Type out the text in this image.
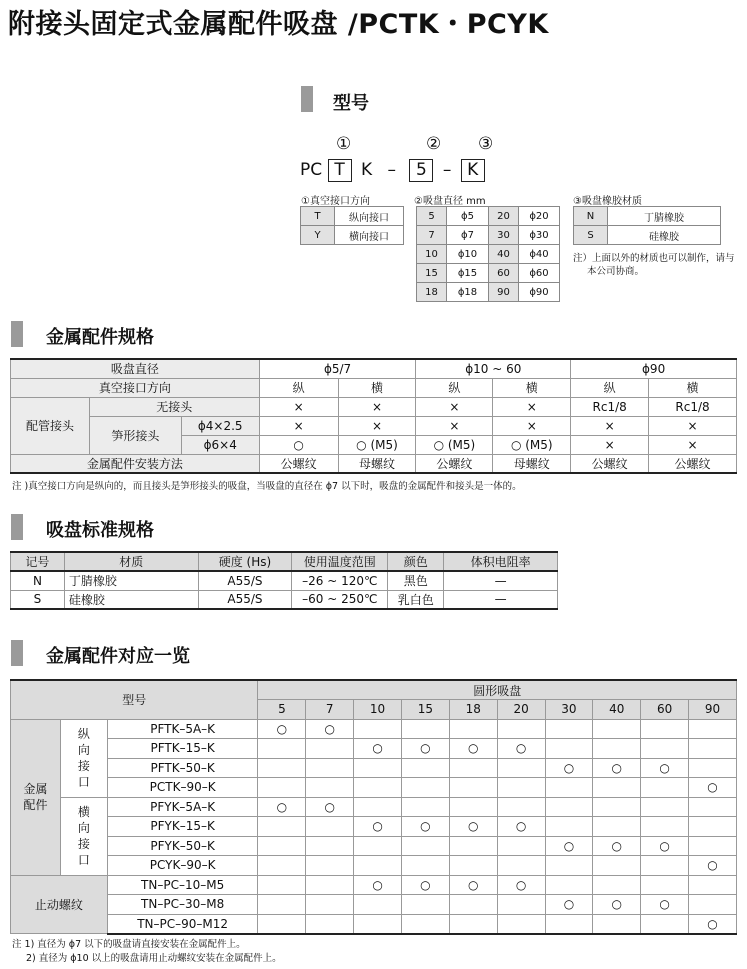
附接头固定式金属配件吸盘 /PCTK・PCYK
型号
①	② ③
PC T K – 5 – K
①真空接口方向
T	纵向接口
Y	横向接口
②吸盘直径 mm
5	ϕ5	20	ϕ20
7	ϕ7	30	ϕ30
10	ϕ10	40	ϕ40
15	ϕ15	60	ϕ60
18	ϕ18	90	ϕ90
③吸盘橡胶材质
N	丁腈橡胶
S	硅橡胶
注）上面以外的材质也可以制作，请与
本公司协商。
金属配件规格
吸盘直径			ϕ5/7		ϕ10 ~ 60		ϕ90	
真空接口方向			纵	横	纵	横	纵	横
配管接头	无接头		×	×	×	×	Rc1/8	Rc1/8
	笋形接头	ϕ4×2.5	×	×	×	×	×	×
		ϕ6×4	○	○ (M5)	○ (M5)	○ (M5)	×	×
金属配件安装方法			公螺纹	母螺纹	公螺纹	母螺纹	公螺纹	公螺纹
注 )真空接口方向是纵向的，而且接头是笋形接头的吸盘，当吸盘的直径在 ϕ7 以下时，吸盘的金属配件和接头是一体的。
吸盘标准规格
记号	材质	硬度 (Hs)	使用温度范围	颜色	体积电阻率
N	丁腈橡胶	A55/S	–26 ~ 120℃	黑色	—
S	硅橡胶	A55/S	–60 ~ 250℃	乳白色	—
金属配件对应一览
型号			圆形吸盘									
			5	7	10	15	18	20	30	40	60	90
金属配件	纵向接口	PFTK–5A–K	○	○								
		PFTK–15–K			○	○	○	○				
		PFTK–50–K							○	○	○	
		PCTK–90–K										○
	横向接口	PFYK–5A–K	○	○								
		PFYK–15–K			○	○	○	○				
		PFYK–50–K							○	○	○	
		PCYK–90–K										○
止动螺纹		TN–PC–10–M5			○	○	○	○				
		TN–PC–30–M8							○	○	○	
		TN–PC–90–M12										○
注 1) 直径为 ϕ7 以下的吸盘请直接安装在金属配件上。
2) 直径为 ϕ10 以上的吸盘请用止动螺纹安装在金属配件上。
